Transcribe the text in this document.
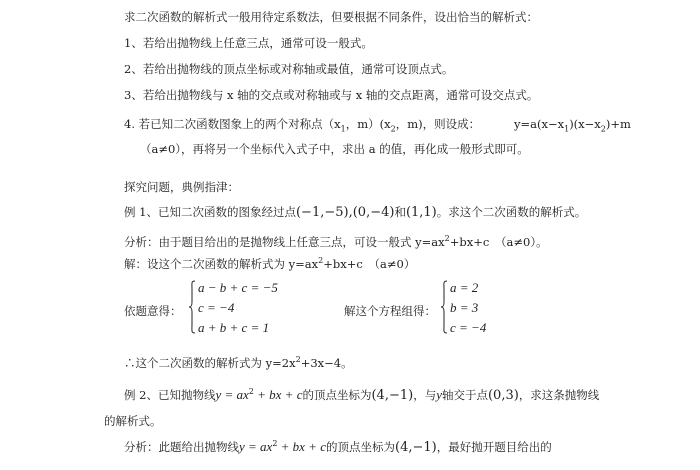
求二次函数的解析式一般用待定系数法，但要根据不同条件，设出恰当的解析式：
1、若给出抛物线上任意三点，通常可设一般式。
2、若给出抛物线的顶点坐标或对称轴或最值，通常可设顶点式。
3、若给出抛物线与 x 轴的交点或对称轴或与 x 轴的交点距离，通常可设交点式。
4. 若已知二次函数图象上的两个对称点（$x_1$，$m)(x_2$，m)，则设成：	$y=a(x-x_1)(x-x_2)+m$
（a≠0），再将另一个坐标代入式子中，求出 a 的值，再化成一般形式即可。
探究问题，典例指津：
例 1、已知二次函数的图象经过点(−1,−5),(0,−4)和(1,1)。求这个二次函数的解析式。
分析：由于题目给出的是抛物线上任意三点，可设一般式 $y=ax^2+bx+c$　（a≠0）。
解：设这个二次函数的解析式为 $y=ax^2+bx+c$　（a≠0）
依题意得：
a − b + c = −5
c = −4
a + b + c = 1
解这个方程组得：
a = 2
b = 3
c = −4
∴这个二次函数的解析式为 $y=2x^2+3x-4$。
例 2、已知抛物线$y = ax^2$ + bx + c的顶点坐标为(4,−1)，与y轴交于点(0,3)，求这条抛物线
的解析式。
分析：此题给出抛物线$y = ax^2$ + bx + c的顶点坐标为(4,−1)，最好抛开题目给出的
